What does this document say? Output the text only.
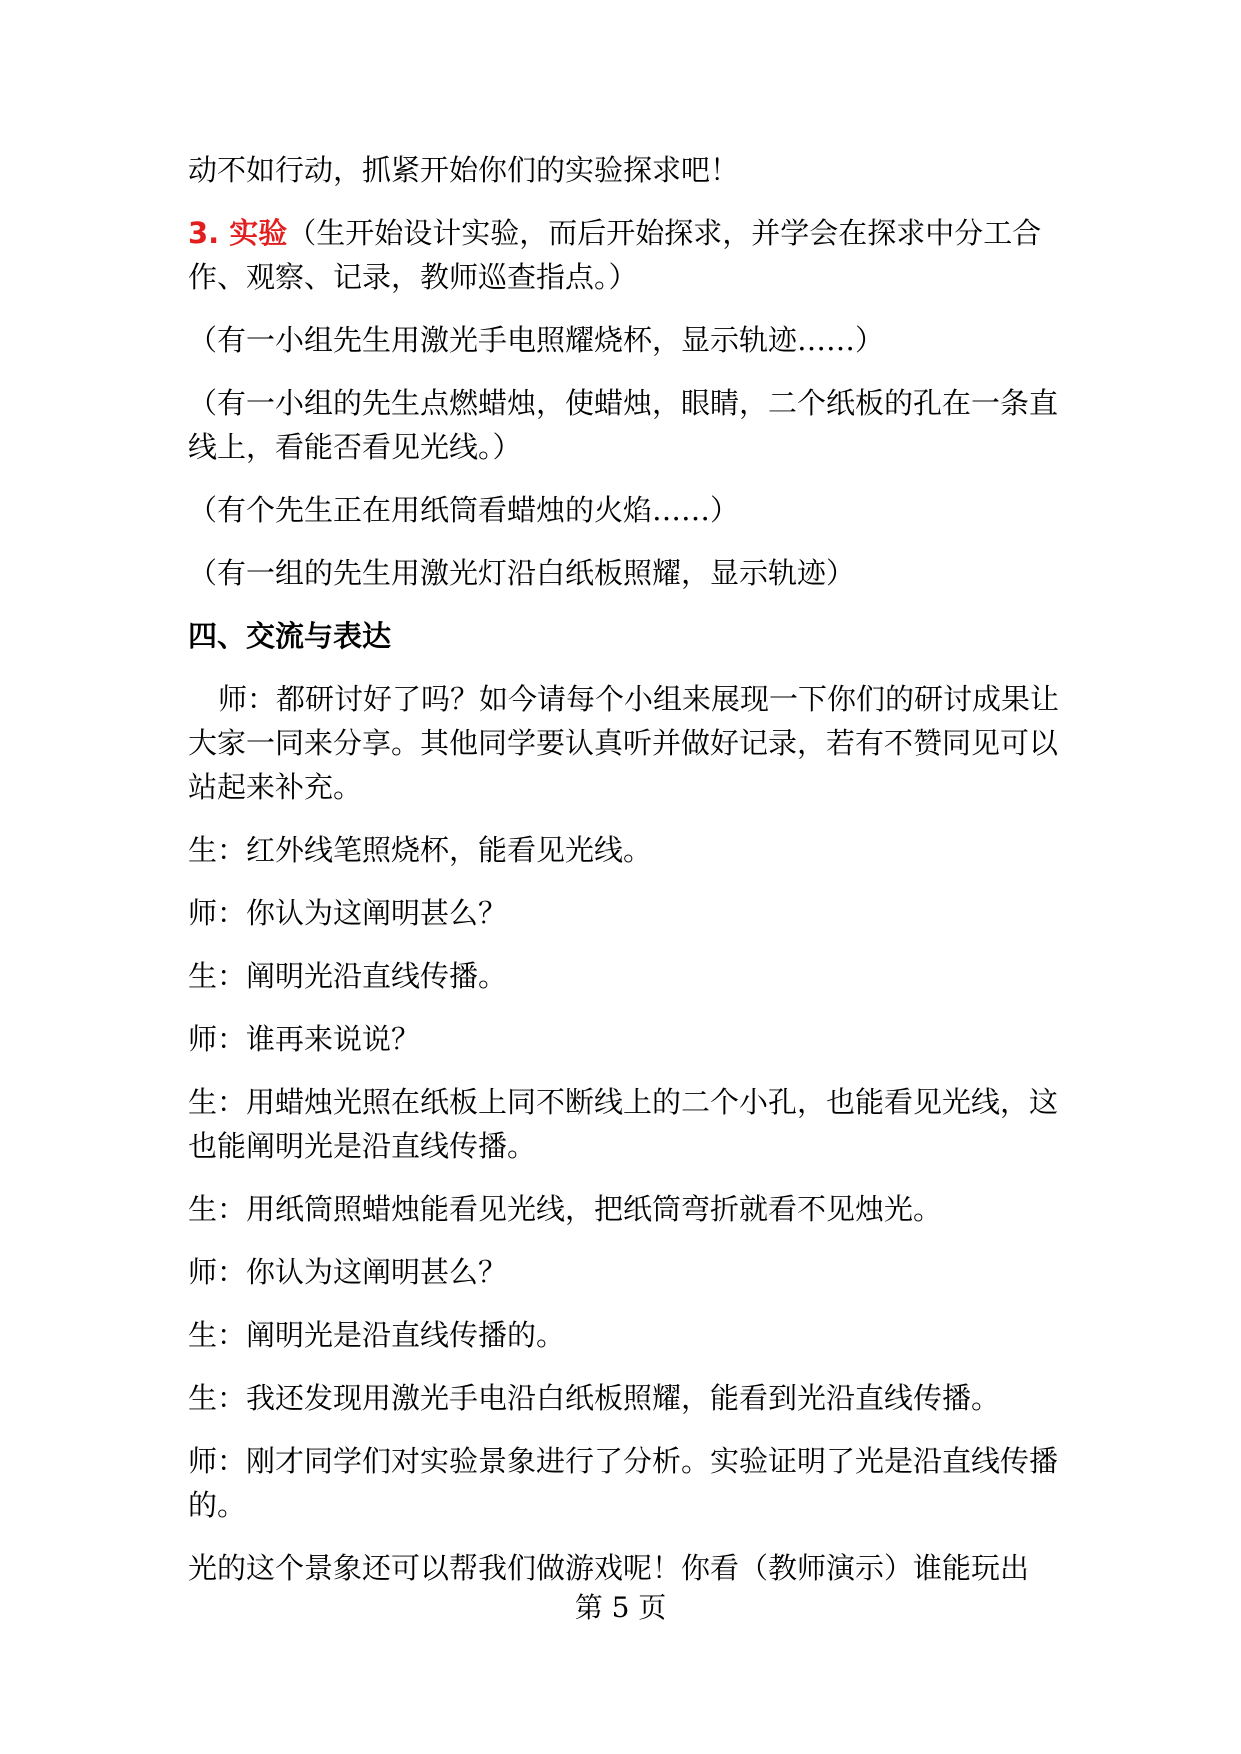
动不如行动，抓紧开始你们的实验探求吧！

3. 实验（生开始设计实验，而后开始探求，并学会在探求中分工合作、观察、记录，教师巡查指点。）

（有一小组先生用激光手电照耀烧杯，显示轨迹……）

（有一小组的先生点燃蜡烛，使蜡烛，眼睛，二个纸板的孔在一条直线上，看能否看见光线。）

（有个先生正在用纸筒看蜡烛的火焰……）

（有一组的先生用激光灯沿白纸板照耀，显示轨迹）

四、交流与表达

师：都研讨好了吗？如今请每个小组来展现一下你们的研讨成果让大家一同来分享。其他同学要认真听并做好记录，若有不赞同见可以站起来补充。

生：红外线笔照烧杯，能看见光线。

师：你认为这阐明甚么？

生：阐明光沿直线传播。

师：谁再来说说？

生：用蜡烛光照在纸板上同不断线上的二个小孔，也能看见光线，这也能阐明光是沿直线传播。

生：用纸筒照蜡烛能看见光线，把纸筒弯折就看不见烛光。

师：你认为这阐明甚么？

生：阐明光是沿直线传播的。

生：我还发现用激光手电沿白纸板照耀，能看到光沿直线传播。

师：刚才同学们对实验景象进行了分析。实验证明了光是沿直线传播的。

光的这个景象还可以帮我们做游戏呢！你看（教师演示）谁能玩出

第 5 页
